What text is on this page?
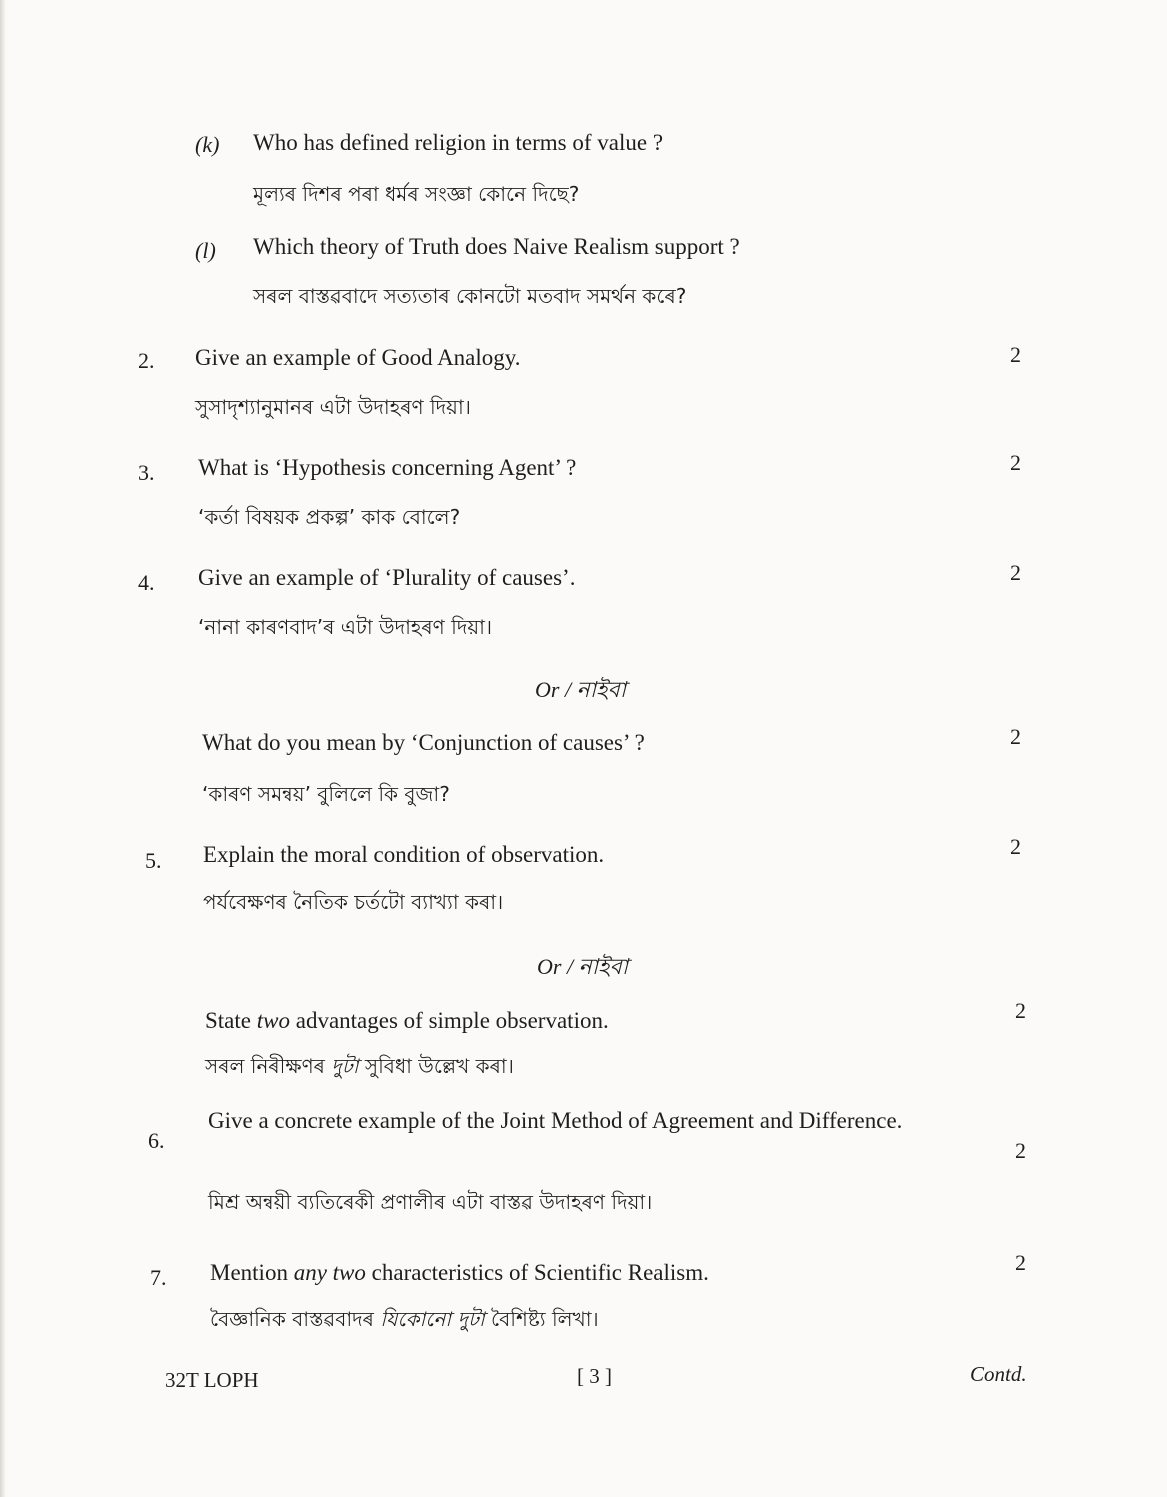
(k) Who has defined religion in terms of value ?
মূল্যৰ দিশৰ পৰা ধৰ্মৰ সংজ্ঞা কোনে দিছে?
(l) Which theory of Truth does Naive Realism support ?
সৰল বাস্তৱবাদে সত্যতাৰ কোনটো মতবাদ সমৰ্থন কৰে?
2. Give an example of Good Analogy.
সুসাদৃশ্যানুমানৰ এটা উদাহৰণ দিয়া।
2
3. What is ‘Hypothesis concerning Agent’ ?
‘কৰ্তা বিষয়ক প্ৰকল্প’ কাক বোলে?
2
4. Give an example of ‘Plurality of causes’.
‘নানা কাৰণবাদ’ৰ এটা উদাহৰণ দিয়া।
2
Or / নাইবা
What do you mean by ‘Conjunction of causes’ ?
‘কাৰণ সমন্বয়’ বুলিলে কি বুজা?
2
5. Explain the moral condition of observation.
পৰ্যবেক্ষণৰ নৈতিক চৰ্তটো ব্যাখ্যা কৰা।
2
Or / নাইবা
State two advantages of simple observation.
সৰল নিৰীক্ষণৰ দুটা সুবিধা উল্লেখ কৰা।
2
6.
Give a concrete example of the Joint Method of Agreement and Difference.
2
মিশ্ৰ অন্বয়ী ব্যতিৰেকী প্ৰণালীৰ এটা বাস্তৱ উদাহৰণ দিয়া।
7. Mention any two characteristics of Scientific Realism.
বৈজ্ঞানিক বাস্তৱবাদৰ যিকোনো দুটা বৈশিষ্ট্য লিখা।
2
32T LOPH	[ 3 ]	Contd.
